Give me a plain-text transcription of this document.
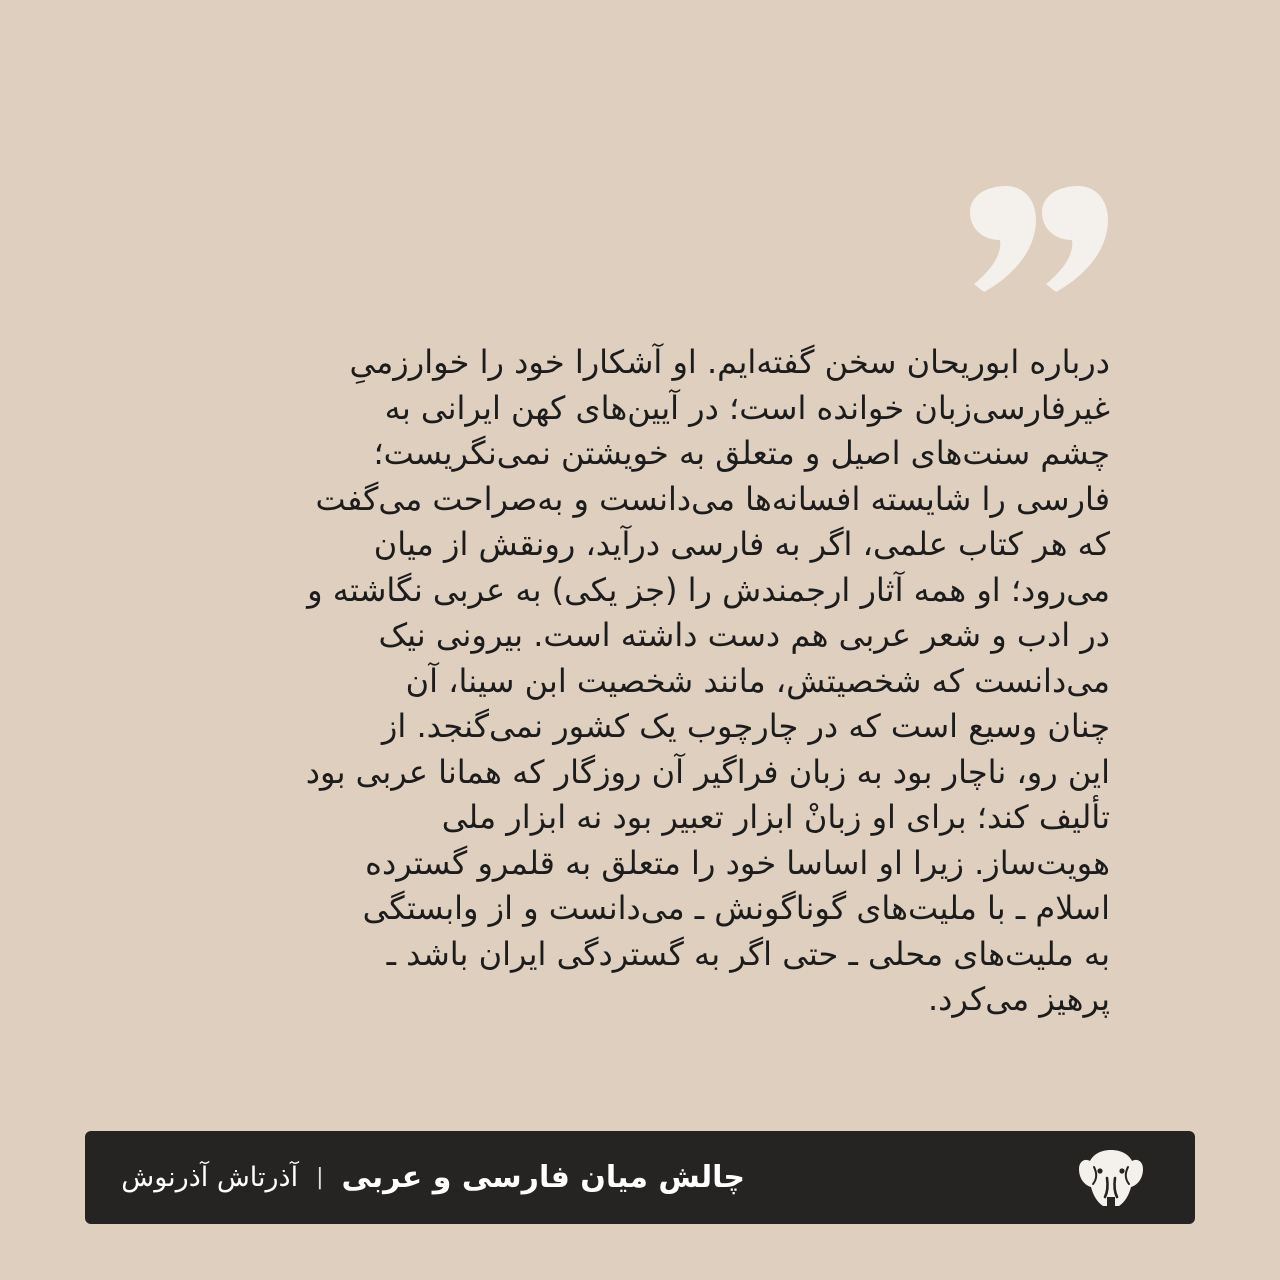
درباره ابوریحان سخن گفته‌ایم. او آشکارا خود را خوارزمیِ
غیرفارسی‌زبان خوانده است؛ در آیین‌های کهن ایرانی به
چشم سنت‌های اصیل و متعلق به خویشتن نمی‌نگریست؛
فارسی را شایسته افسانه‌ها می‌دانست و به‌صراحت می‌گفت
که هر کتاب علمی، اگر به فارسی درآید، رونقش از میان
می‌رود؛ او همه آثار ارجمندش را (جز یکی) به عربی نگاشته و
در ادب و شعر عربی هم دست داشته است. بیرونی نیک
می‌دانست که شخصیتش، مانند شخصیت ابن سینا، آن
چنان وسیع است که در چارچوب یک کشور نمی‌گنجد. از
این رو، ناچار بود به زبان فراگیر آن روزگار که همانا عربی بود
تألیف کند؛ برای او زبانْ ابزار تعبیر بود نه ابزار ملی
هویت‌ساز. زیرا او اساسا خود را متعلق به قلمرو گسترده
اسلام ـ با ملیت‌های گوناگونش ـ می‌دانست و از وابستگی
به ملیت‌های محلی ـ حتی اگر به گستردگی ایران باشد ـ
پرهیز می‌کرد.

چالش میان فارسی و عربی
|
آذرتاش آذرنوش
